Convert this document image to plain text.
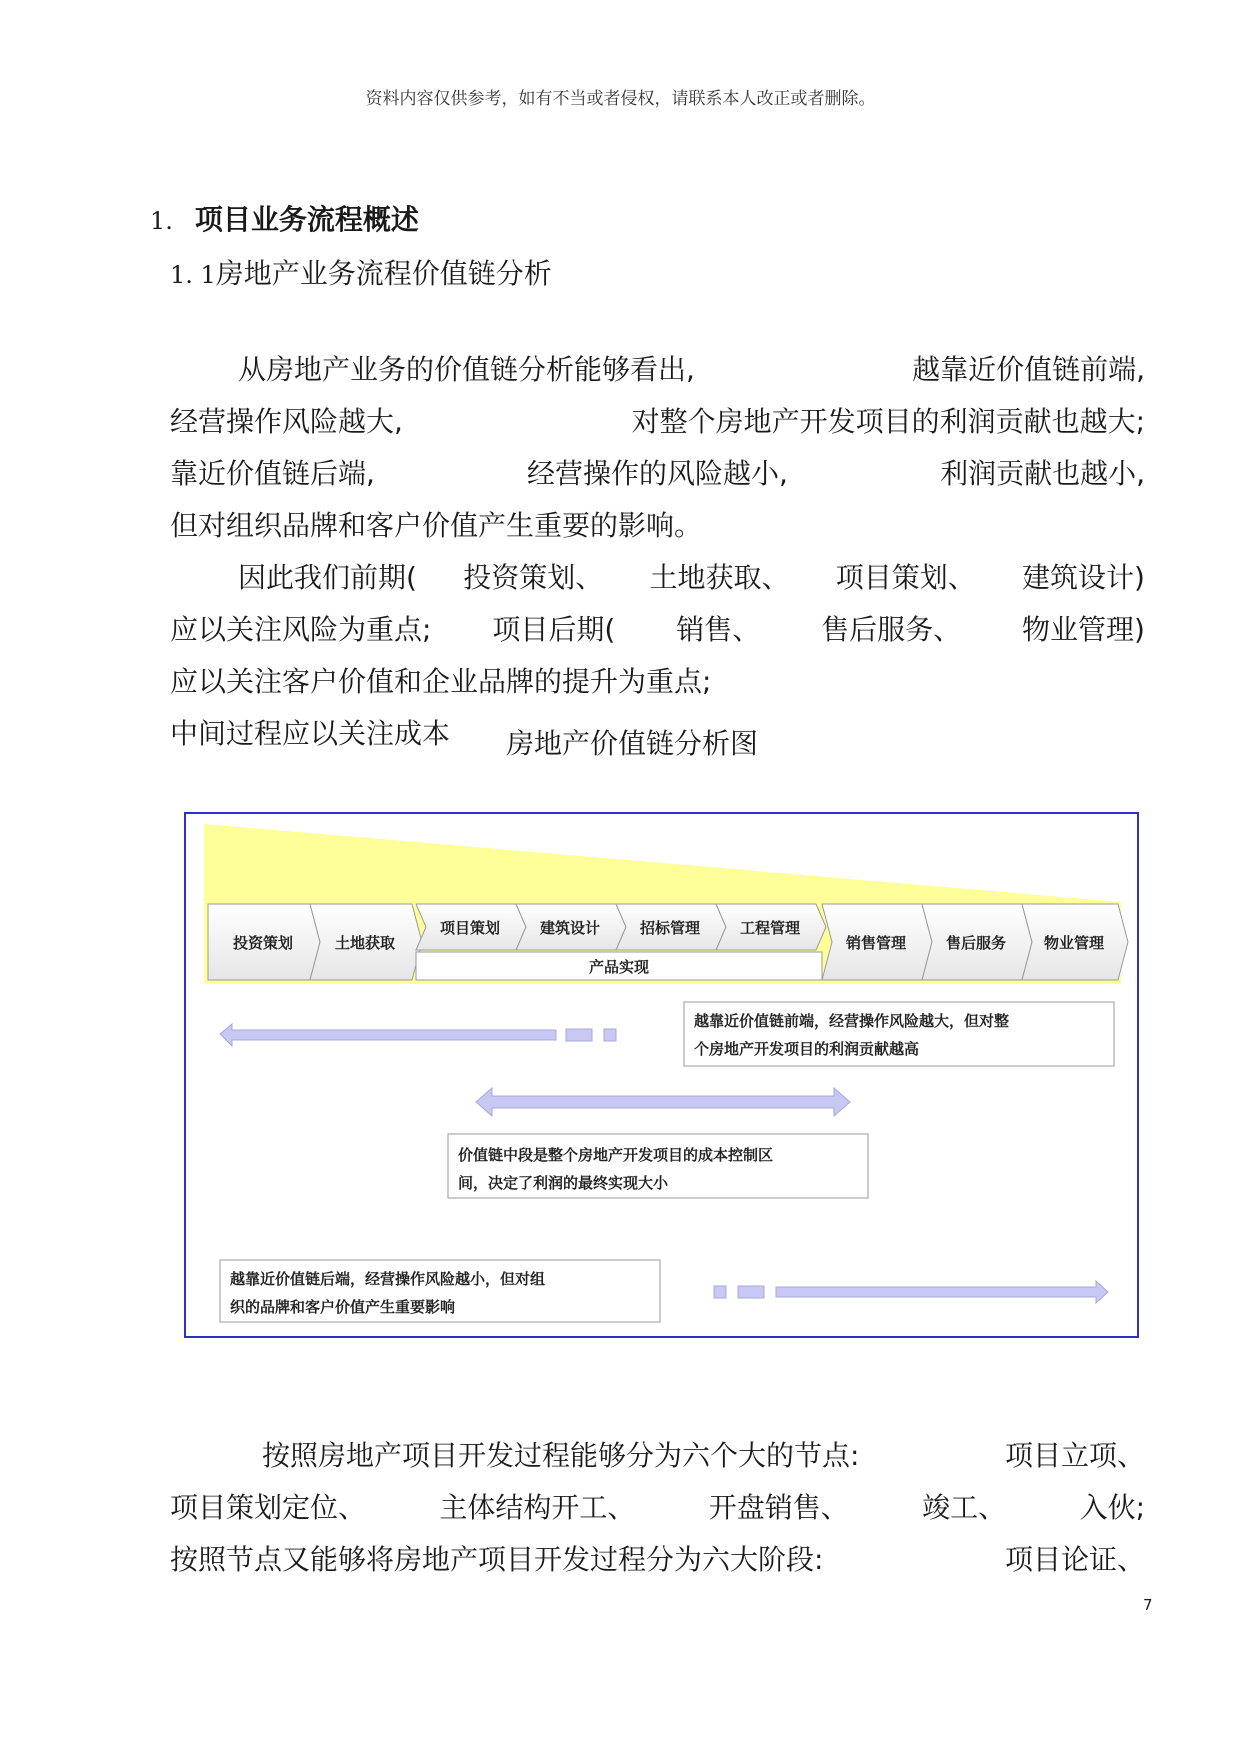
资料内容仅供参考，如有不当或者侵权，请联系本人改正或者删除。
1. 项目业务流程概述
1. 1房地产业务流程价值链分析
从房地产业务的价值链分析能够看出,	越靠近价值链前端,
经营操作风险越大,	对整个房地产开发项目的利润贡献也越大;
靠近价值链后端,	经营操作的风险越小,	利润贡献也越小,
但对组织品牌和客户价值产生重要的影响。
因此我们前期( 投资策划、 土地获取、 项目策划、 建筑设计)
应以关注风险为重点; 项目后期( 销售、 售后服务、 物业管理)
应以关注客户价值和企业品牌的提升为重点;
中间过程应以关注成本 房地产价值链分析图
投资策划	土地获取
项目策划	建筑设计	招标管理	工程管理
销售管理	售后服务	物业管理
产品实现
越靠近价值链前端，经营操作风险越大，但对整
个房地产开发项目的利润贡献越高
价值链中段是整个房地产开发项目的成本控制区
间，决定了利润的最终实现大小
越靠近价值链后端，经营操作风险越小，但对组
织的品牌和客户价值产生重要影响
按照房地产项目开发过程能够分为六个大的节点:	项目立项、
项目策划定位、	主体结构开工、	开盘销售、	竣工、	入伙;
按照节点又能够将房地产项目开发过程分为六大阶段:	项目论证、
7
